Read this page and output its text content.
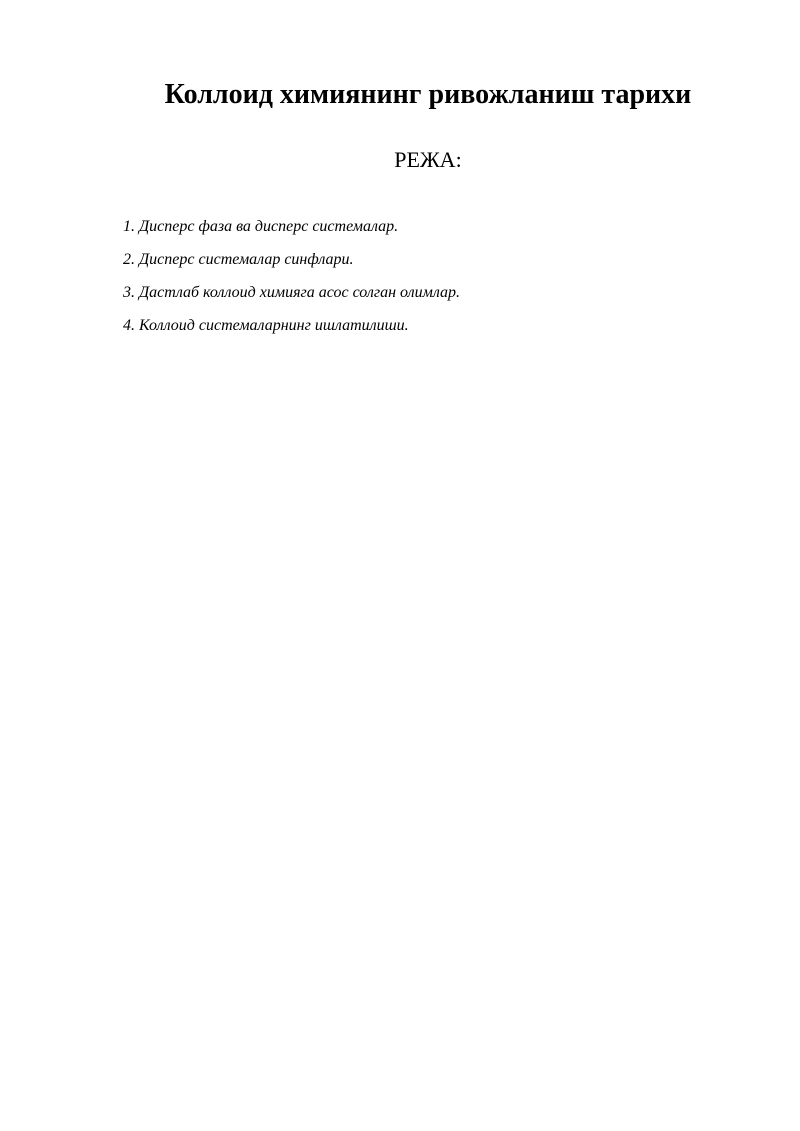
Коллоид химиянинг ривожланиш тарихи
РЕЖА:
1. Дисперс фаза ва дисперс системалар.
2. Дисперс системалар синфлари.
3. Дастлаб коллоид химияга асос солган олимлар.
4. Коллоид системаларнинг ишлатилиши.
